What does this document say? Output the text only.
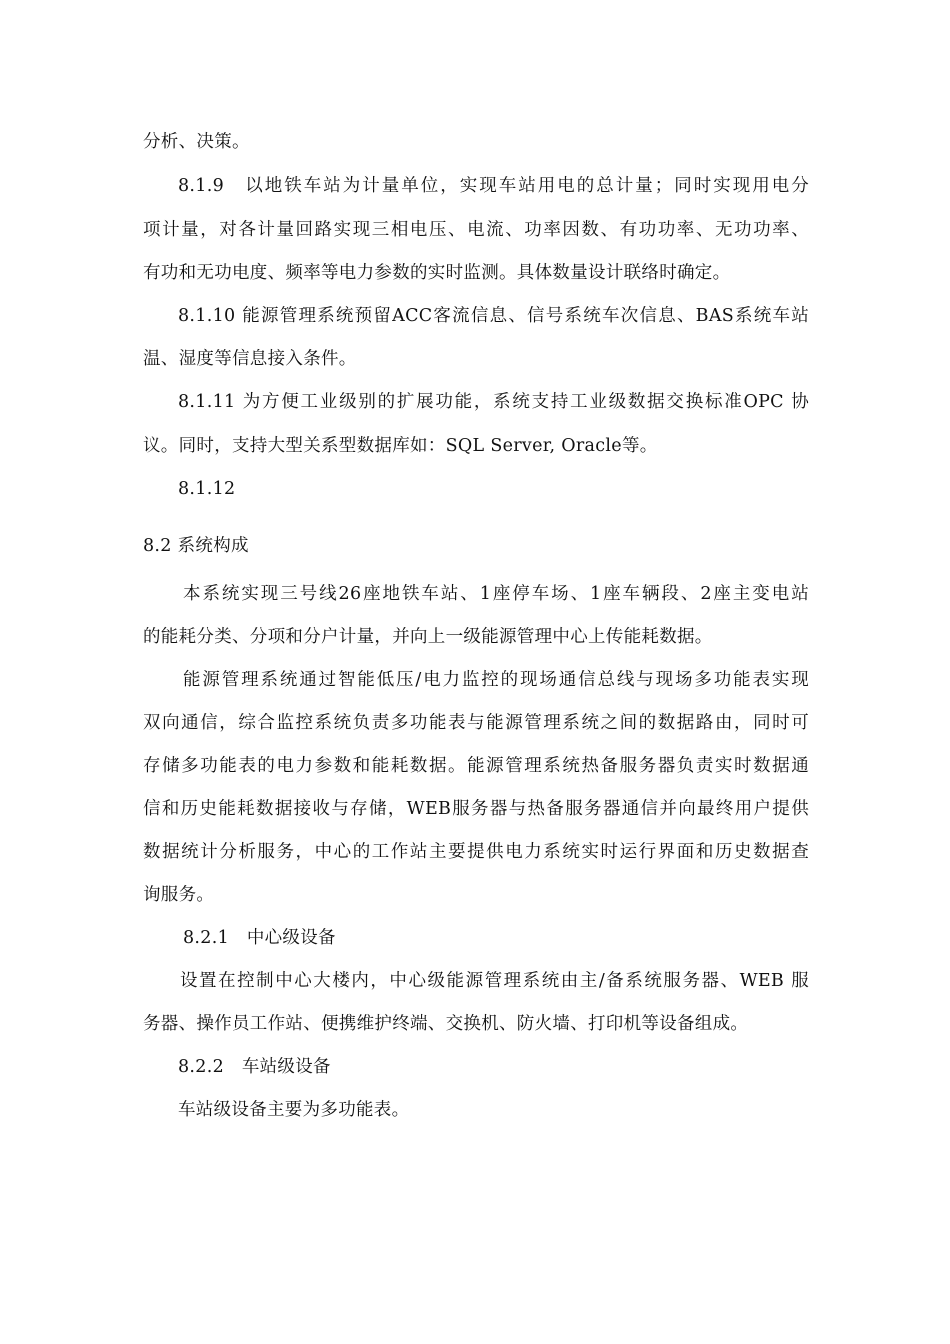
分析、决策。
8.1.9　以地铁车站为计量单位，实现车站用电的总计量；同时实现用电分
项计量，对各计量回路实现三相电压、电流、功率因数、有功功率、无功功率、
有功和无功电度、频率等电力参数的实时监测。具体数量设计联络时确定。
8.1.10 能源管理系统预留ACC客流信息、信号系统车次信息、BAS系统车站
温、湿度等信息接入条件。
8.1.11 为方便工业级别的扩展功能，系统支持工业级数据交换标准OPC 协
议。同时，支持大型关系型数据库如：SQL Server, Oracle等。
8.1.12
8.2 系统构成
本系统实现三号线26座地铁车站、1座停车场、1座车辆段、2座主变电站
的能耗分类、分项和分户计量，并向上一级能源管理中心上传能耗数据。
能源管理系统通过智能低压/电力监控的现场通信总线与现场多功能表实现
双向通信，综合监控系统负责多功能表与能源管理系统之间的数据路由，同时可
存储多功能表的电力参数和能耗数据。能源管理系统热备服务器负责实时数据通
信和历史能耗数据接收与存储，WEB服务器与热备服务器通信并向最终用户提供
数据统计分析服务，中心的工作站主要提供电力系统实时运行界面和历史数据查
询服务。
8.2.1　中心级设备
设置在控制中心大楼内，中心级能源管理系统由主/备系统服务器、WEB 服
务器、操作员工作站、便携维护终端、交换机、防火墙、打印机等设备组成。
8.2.2　车站级设备
车站级设备主要为多功能表。
